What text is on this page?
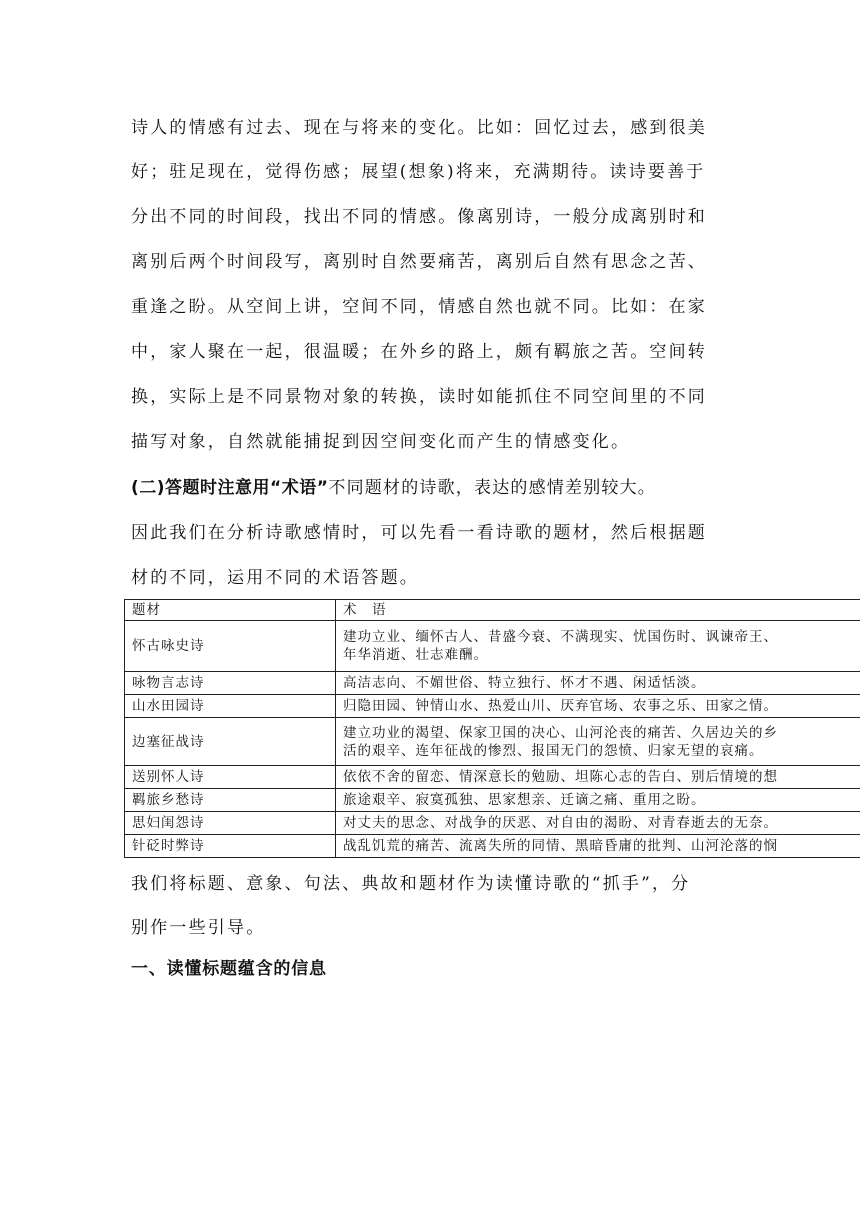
诗人的情感有过去、现在与将来的变化。比如：回忆过去，感到很美
好；驻足现在，觉得伤感；展望(想象)将来，充满期待。读诗要善于
分出不同的时间段，找出不同的情感。像离别诗，一般分成离别时和
离别后两个时间段写，离别时自然要痛苦，离别后自然有思念之苦、
重逢之盼。从空间上讲，空间不同，情感自然也就不同。比如：在家
中，家人聚在一起，很温暖；在外乡的路上，颇有羁旅之苦。空间转
换，实际上是不同景物对象的转换，读时如能抓住不同空间里的不同
描写对象，自然就能捕捉到因空间变化而产生的情感变化。
(二)答题时注意用“术语”不同题材的诗歌，表达的感情差别较大。
因此我们在分析诗歌感情时，可以先看一看诗歌的题材，然后根据题
材的不同，运用不同的术语答题。
题材	术　语
怀古咏史诗	建功立业、缅怀古人、昔盛今衰、不满现实、忧国伤时、讽谏帝王、
年华消逝、壮志难酬。

咏物言志诗	高洁志向、不媚世俗、特立独行、怀才不遇、闲适恬淡。

山水田园诗	归隐田园、钟情山水、热爱山川、厌弃官场、农事之乐、田家之情。

边塞征战诗	建立功业的渴望、保家卫国的决心、山河沦丧的痛苦、久居边关的乡
活的艰辛、连年征战的惨烈、报国无门的怨愤、归家无望的哀痛。

送别怀人诗	依依不舍的留恋、情深意长的勉励、坦陈心志的告白、别后情境的想

羁旅乡愁诗	旅途艰辛、寂寞孤独、思家想亲、迁谪之痛、重用之盼。

思妇闺怨诗	对丈夫的思念、对战争的厌恶、对自由的渴盼、对青春逝去的无奈。

针砭时弊诗	战乱饥荒的痛苦、流离失所的同情、黑暗昏庸的批判、山河沦落的悯
我们将标题、意象、句法、典故和题材作为读懂诗歌的“抓手”，分
别作一些引导。
一、读懂标题蕴含的信息
